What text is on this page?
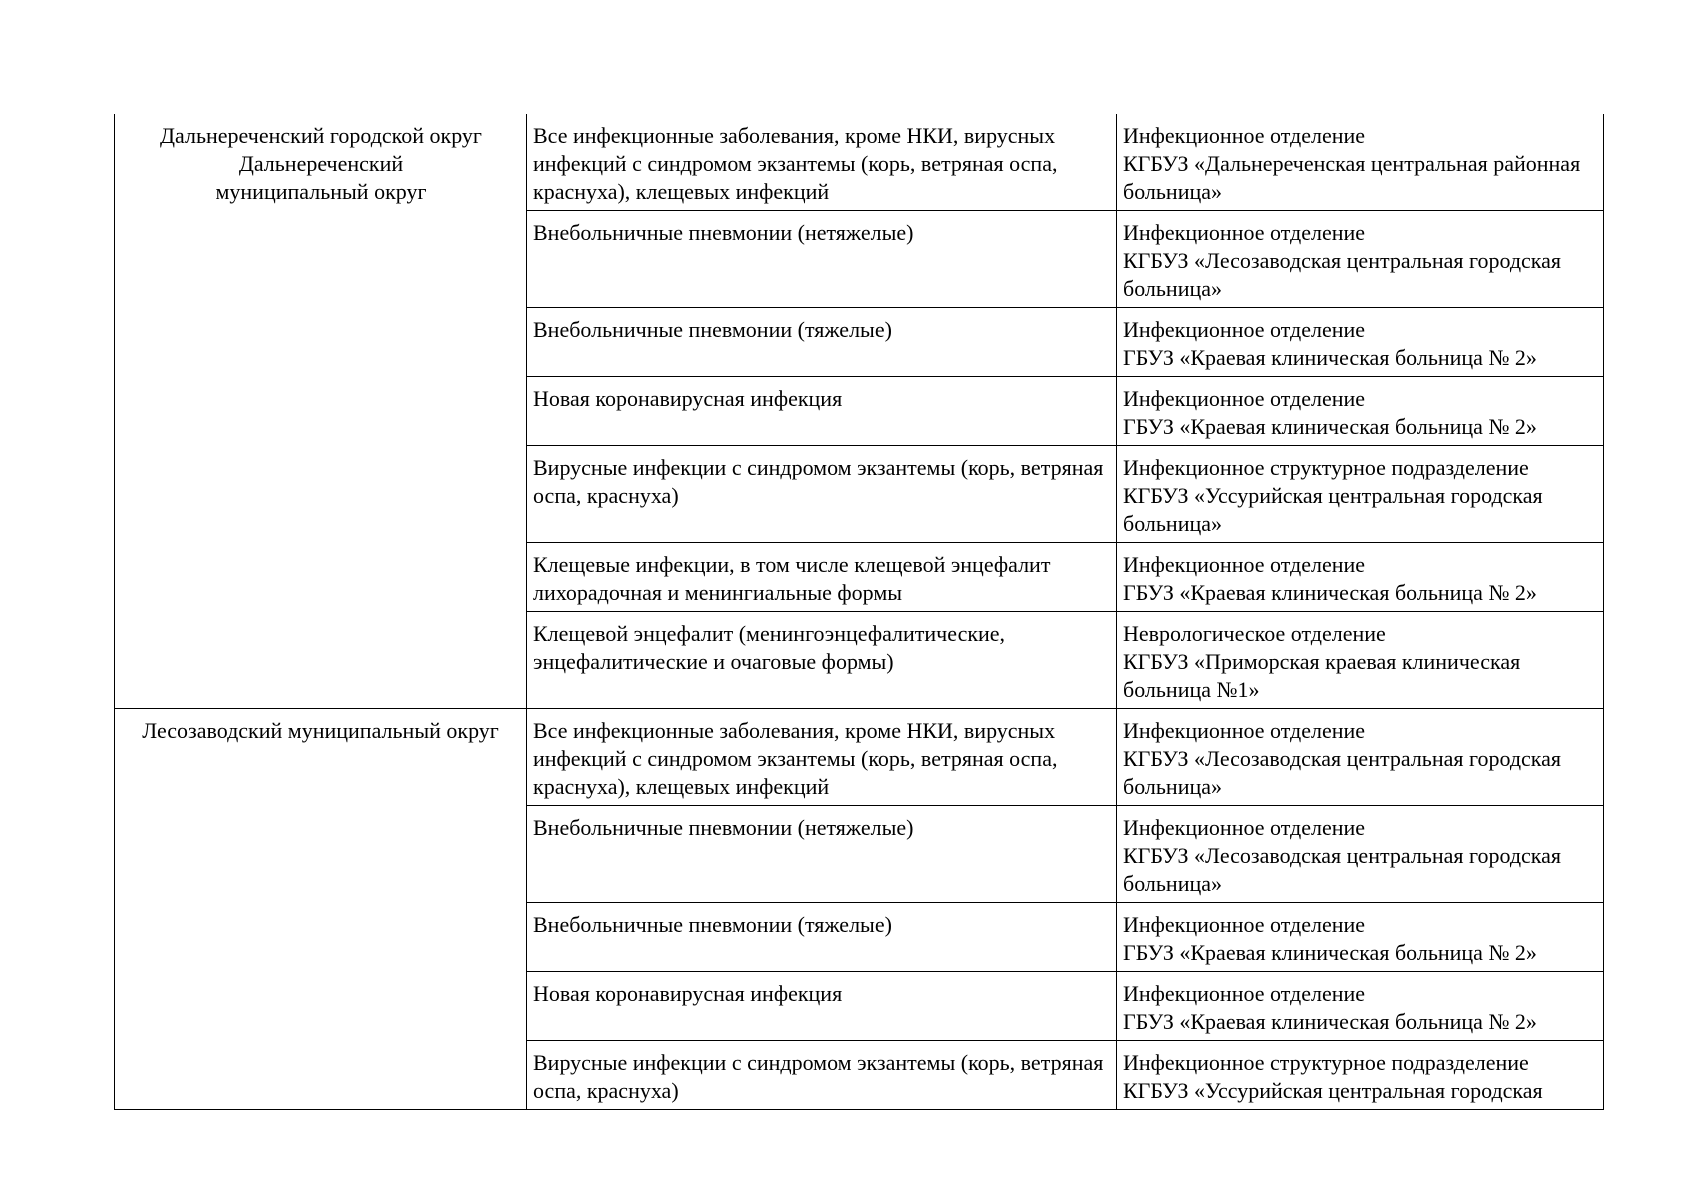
Дальнереченский городской округ
Дальнереченский
муниципальный округ	Все инфекционные заболевания, кроме НКИ, вирусных инфекций с синдромом экзантемы (корь, ветряная оспа, краснуха), клещевых инфекций	Инфекционное отделение
КГБУЗ «Дальнереченская центральная районная больница»
	Внебольничные пневмонии (нетяжелые)	Инфекционное отделение
КГБУЗ «Лесозаводская центральная городская больница»
	Внебольничные пневмонии (тяжелые)	Инфекционное отделение
ГБУЗ «Краевая клиническая больница № 2»
	Новая коронавирусная инфекция	Инфекционное отделение
ГБУЗ «Краевая клиническая больница № 2»
	Вирусные инфекции с синдромом экзантемы (корь, ветряная оспа, краснуха)	Инфекционное структурное подразделение КГБУЗ «Уссурийская центральная городская больница»
	Клещевые инфекции, в том числе клещевой энцефалит лихорадочная и менингиальные формы	Инфекционное отделение
ГБУЗ «Краевая клиническая больница № 2»
	Клещевой энцефалит (менингоэнцефалитические, энцефалитические и очаговые формы)	Неврологическое отделение
КГБУЗ «Приморская краевая клиническая больница №1»
Лесозаводский муниципальный округ	Все инфекционные заболевания, кроме НКИ, вирусных инфекций с синдромом экзантемы (корь, ветряная оспа, краснуха), клещевых инфекций	Инфекционное отделение
КГБУЗ «Лесозаводская центральная городская больница»
	Внебольничные пневмонии (нетяжелые)	Инфекционное отделение
КГБУЗ «Лесозаводская центральная городская больница»
	Внебольничные пневмонии (тяжелые)	Инфекционное отделение
ГБУЗ «Краевая клиническая больница № 2»
	Новая коронавирусная инфекция	Инфекционное отделение
ГБУЗ «Краевая клиническая больница № 2»
	Вирусные инфекции с синдромом экзантемы (корь, ветряная оспа, краснуха)	Инфекционное структурное подразделение КГБУЗ «Уссурийская центральная городская
